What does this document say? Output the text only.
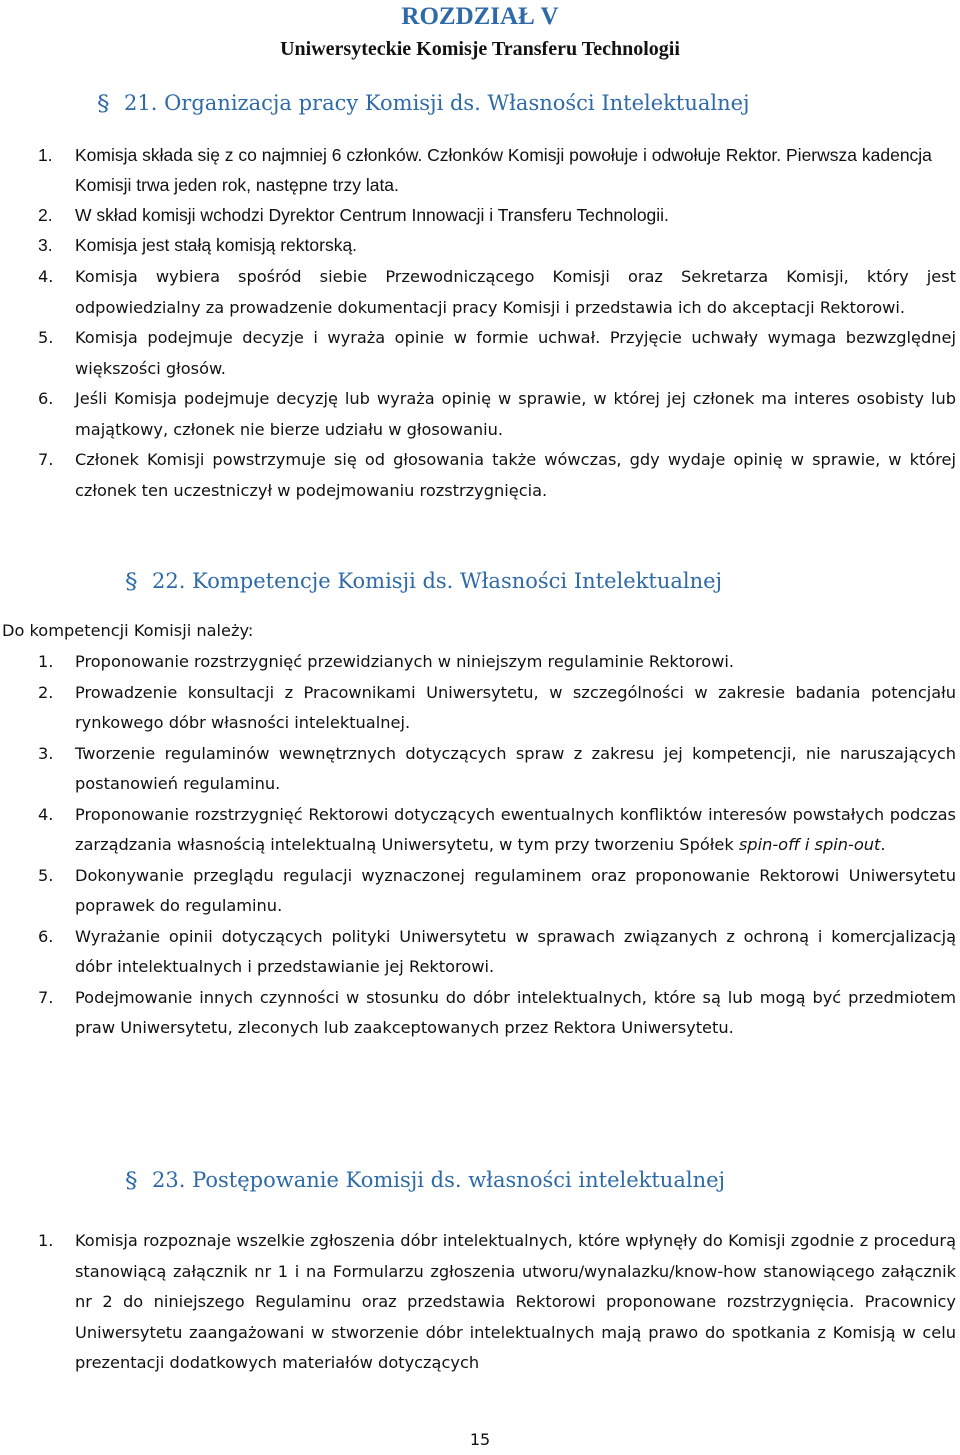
ROZDZIAŁ V
Uniwersyteckie Komisje Transferu Technologii
§ 21. Organizacja pracy Komisji ds. Własności Intelektualnej
1. Komisja składa się z co najmniej 6 członków. Członków Komisji powołuje i odwołuje Rektor. Pierwsza kadencja Komisji trwa jeden rok, następne trzy lata.
2. W skład komisji wchodzi Dyrektor Centrum Innowacji i Transferu Technologii.
3. Komisja jest stałą komisją rektorską.
4. Komisja wybiera spośród siebie Przewodniczącego Komisji oraz Sekretarza Komisji, który jest odpowiedzialny za prowadzenie dokumentacji pracy Komisji i przedstawia ich do akceptacji Rektorowi.
5. Komisja podejmuje decyzje i wyraża opinie w formie uchwał. Przyjęcie uchwały wymaga bezwzględnej większości głosów.
6. Jeśli Komisja podejmuje decyzję lub wyraża opinię w sprawie, w której jej członek ma interes osobisty lub majątkowy, członek nie bierze udziału w głosowaniu.
7. Członek Komisji powstrzymuje się od głosowania także wówczas, gdy wydaje opinię w sprawie, w której członek ten uczestniczył w podejmowaniu rozstrzygnięcia.
§ 22. Kompetencje Komisji ds. Własności Intelektualnej
Do kompetencji Komisji należy:
1. Proponowanie rozstrzygnięć przewidzianych w niniejszym regulaminie Rektorowi.
2. Prowadzenie konsultacji z Pracownikami Uniwersytetu, w szczególności w zakresie badania potencjału rynkowego dóbr własności intelektualnej.
3. Tworzenie regulaminów wewnętrznych dotyczących spraw z zakresu jej kompetencji, nie naruszających postanowień regulaminu.
4. Proponowanie rozstrzygnięć Rektorowi dotyczących ewentualnych konfliktów interesów powstałych podczas zarządzania własnością intelektualną Uniwersytetu, w tym przy tworzeniu Spółek spin-off i spin-out.
5. Dokonywanie przeglądu regulacji wyznaczonej regulaminem oraz proponowanie Rektorowi Uniwersytetu poprawek do regulaminu.
6. Wyrażanie opinii dotyczących polityki Uniwersytetu w sprawach związanych z ochroną i komercjalizacją dóbr intelektualnych i przedstawianie jej Rektorowi.
7. Podejmowanie innych czynności w stosunku do dóbr intelektualnych, które są lub mogą być przedmiotem praw Uniwersytetu, zleconych lub zaakceptowanych przez Rektora Uniwersytetu.
§ 23. Postępowanie Komisji ds. własności intelektualnej
1. Komisja rozpoznaje wszelkie zgłoszenia dóbr intelektualnych, które wpłynęły do Komisji zgodnie z procedurą stanowiącą załącznik nr 1 i na Formularzu zgłoszenia utworu/wynalazku/know-how stanowiącego załącznik nr 2 do niniejszego Regulaminu oraz przedstawia Rektorowi proponowane rozstrzygnięcia. Pracownicy Uniwersytetu zaangażowani w stworzenie dóbr intelektualnych mają prawo do spotkania z Komisją w celu prezentacji dodatkowych materiałów dotyczących
15
